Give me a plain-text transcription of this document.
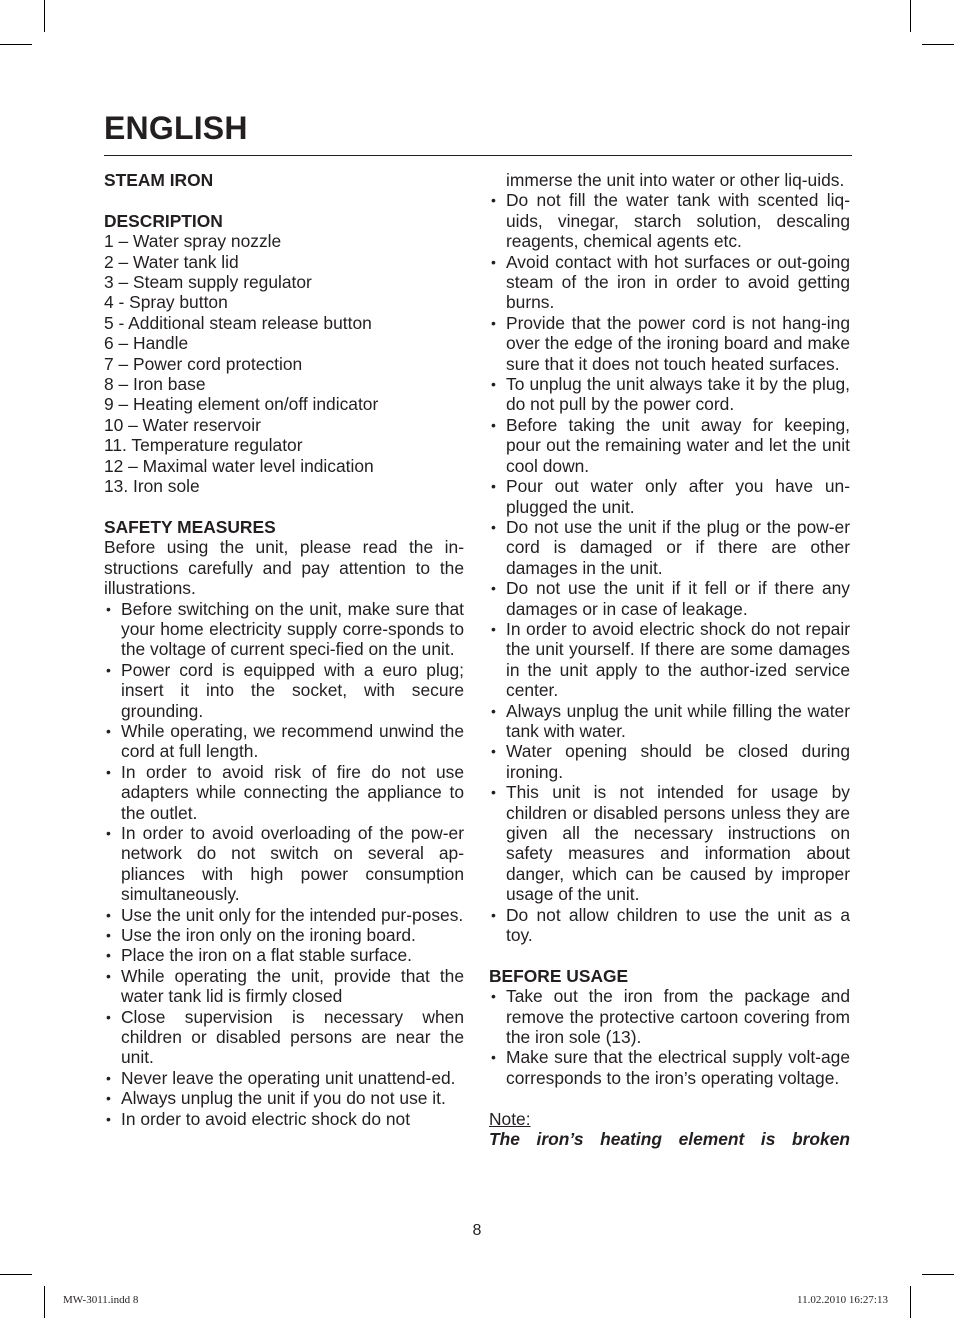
ENGLISH

STEAM IRON

DESCRIPTION

1 – Water spray nozzle

2 – Water tank lid

3 – Steam supply regulator

4 - Spray button

5 - Additional steam release button

6 – Handle

7 – Power cord protection

8 – Iron base

9 – Heating element on/off indicator

10 – Water reservoir

11. Temperature regulator

12 – Maximal water level indication

13. Iron sole

SAFETY MEASURES

Before using the unit, please read the in-structions carefully and pay attention to the illustrations.

• Before switching on the unit, make sure that your home electricity supply corre-sponds to the voltage of current speci-fied on the unit.
• Power cord is equipped with a euro plug; insert it into the socket, with secure grounding.
• While operating, we recommend unwind the cord at full length.
• In order to avoid risk of fire do not use adapters while connecting the appliance to the outlet.
• In order to avoid overloading of the pow-er network do not switch on several ap-pliances with high power consumption simultaneously.
• Use the unit only for the intended pur-poses.
• Use the iron only on the ironing board.
• Place the iron on a flat stable surface.
• While operating the unit, provide that the water tank lid is firmly closed
• Close supervision is necessary when children or disabled persons are near the unit.
• Never leave the operating unit unattend-ed.
• Always unplug the unit if you do not use it.
• In order to avoid electric shock do not

immerse the unit into water or other liq-uids.

• Do not fill the water tank with scented liq-uids, vinegar, starch solution, descaling reagents, chemical agents etc.
• Avoid contact with hot surfaces or out-going steam of the iron in order to avoid getting burns.
• Provide that the power cord is not hang-ing over the edge of the ironing board and make sure that it does not touch heated surfaces.
• To unplug the unit always take it by the plug, do not pull by the power cord.
• Before taking the unit away for keeping, pour out the remaining water and let the unit cool down.
• Pour out water only after you have un-plugged the unit.
• Do not use the unit if the plug or the pow-er cord is damaged or if there are other damages in the unit.
• Do not use the unit if it fell or if there any damages or in case of leakage.
• In order to avoid electric shock do not repair the unit yourself. If there are some damages in the unit apply to the author-ized service center.
• Always unplug the unit while filling the water tank with water.
• Water opening should be closed during ironing.
• This unit is not intended for usage by children or disabled persons unless they are given all the necessary instructions on safety measures and information about danger, which can be caused by improper usage of the unit.
• Do not allow children to use the unit as a toy.

BEFORE USAGE

• Take out the iron from the package and remove the protective cartoon covering from the iron sole (13).
• Make sure that the electrical supply volt-age corresponds to the iron’s operating voltage.

Note:

The iron’s heating element is broken

8
MW-3011.indd 8	11.02.2010 16:27:13
